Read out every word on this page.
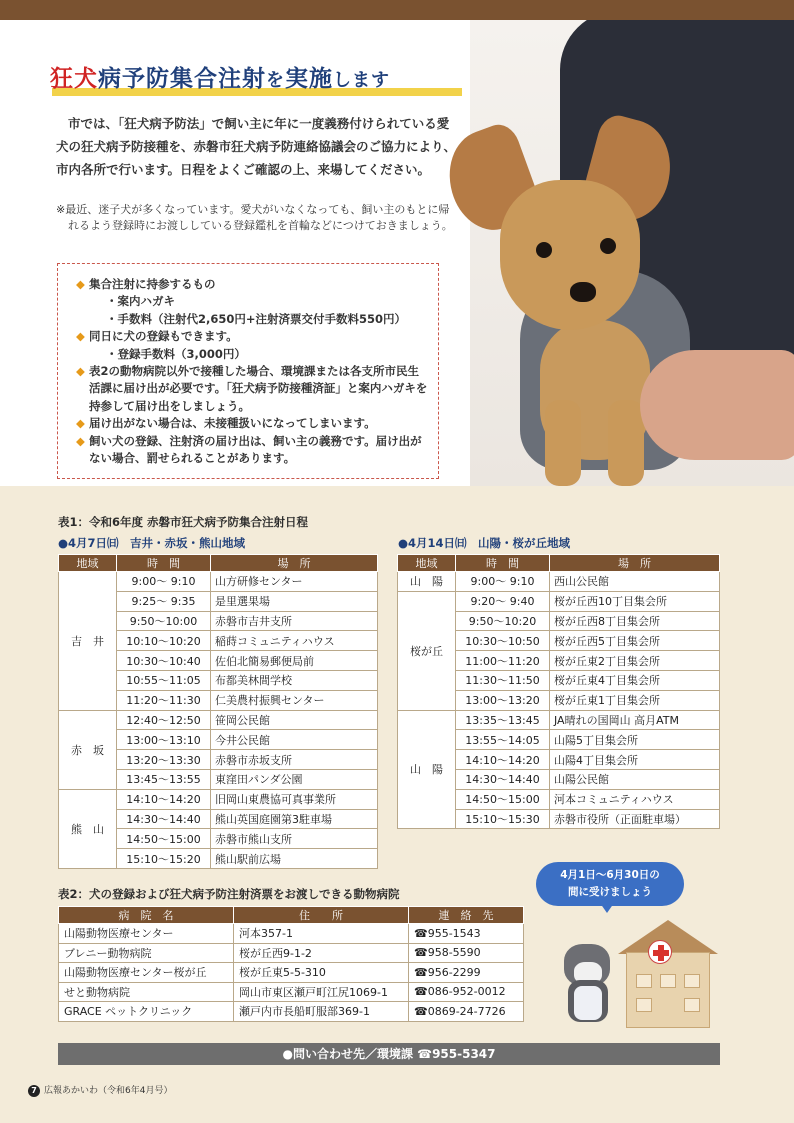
狂犬病予防集合注射を実施します

市では、「狂犬病予防法」で飼い主に年に一度義務付けられている愛犬の狂犬病予防接種を、赤磐市狂犬病予防連絡協議会のご協力により、市内各所で行います。日程をよくご確認の上、来場してください。

※最近、迷子犬が多くなっています。愛犬がいなくなっても、飼い主のもとに帰れるよう登録時にお渡ししている登録鑑札を首輪などにつけておきましょう。

◆ 集合注射に持参するもの
・案内ハガキ
・手数料（注射代2,650円+注射済票交付手数料550円）
◆ 同日に犬の登録もできます。
・登録手数料（3,000円）
◆ 表2の動物病院以外で接種した場合、環境課または各支所市民生活課に届け出が必要です。「狂犬病予防接種済証」と案内ハガキを持参して届け出をしましょう。
◆ 届け出がない場合は、未接種扱いになってしまいます。
◆ 飼い犬の登録、注射済の届け出は、飼い主の義務です。届け出がない場合、罰せられることがあります。
表1：令和6年度 赤磐市狂犬病予防集合注射日程
●4月7日㈰　吉井・赤坂・熊山地域	●4月14日㈰　山陽・桜が丘地域
地域	時　間	場　所
吉　井	9:00〜 9:10	山方研修センター
	9:25〜 9:35	是里選果場
	9:50〜10:00	赤磐市吉井支所
	10:10〜10:20	稲蒔コミュニティハウス
	10:30〜10:40	佐伯北簡易郵便局前
	10:55〜11:05	布都美林間学校
	11:20〜11:30	仁美農村振興センター
赤　坂	12:40〜12:50	笹岡公民館
	13:00〜13:10	今井公民館
	13:20〜13:30	赤磐市赤坂支所
	13:45〜13:55	東窪田パンダ公園
熊　山	14:10〜14:20	旧岡山東農協可真事業所
	14:30〜14:40	熊山英国庭園第3駐車場
	14:50〜15:00	赤磐市熊山支所
	15:10〜15:20	熊山駅前広場
地域	時　間	場　所
山　陽	9:00〜 9:10	西山公民館
桜が丘	9:20〜 9:40	桜が丘西10丁目集会所
	9:50〜10:20	桜が丘西8丁目集会所
	10:30〜10:50	桜が丘西5丁目集会所
	11:00〜11:20	桜が丘東2丁目集会所
	11:30〜11:50	桜が丘東4丁目集会所
	13:00〜13:20	桜が丘東1丁目集会所
山　陽	13:35〜13:45	JA晴れの国岡山 高月ATM
	13:55〜14:05	山陽5丁目集会所
	14:10〜14:20	山陽4丁目集会所
	14:30〜14:40	山陽公民館
	14:50〜15:00	河本コミュニティハウス
	15:10〜15:30	赤磐市役所（正面駐車場）
表2：犬の登録および狂犬病予防注射済票をお渡しできる動物病院
病　院　名	住　　所	連　絡　先
山陽動物医療センター	河本357-1	☎955-1543
ブレニー動物病院	桜が丘西9-1-2	☎958-5590
山陽動物医療センター桜が丘	桜が丘東5-5-310	☎956-2299
せと動物病院	岡山市東区瀬戸町江尻1069-1	☎086-952-0012
GRACE ペットクリニック	瀬戸内市長船町服部369-1	☎0869-24-7726
4月1日〜6月30日の
間に受けましょう
●問い合わせ先／環境課 ☎955-5347
7 広報あかいわ（令和6年4月号）
